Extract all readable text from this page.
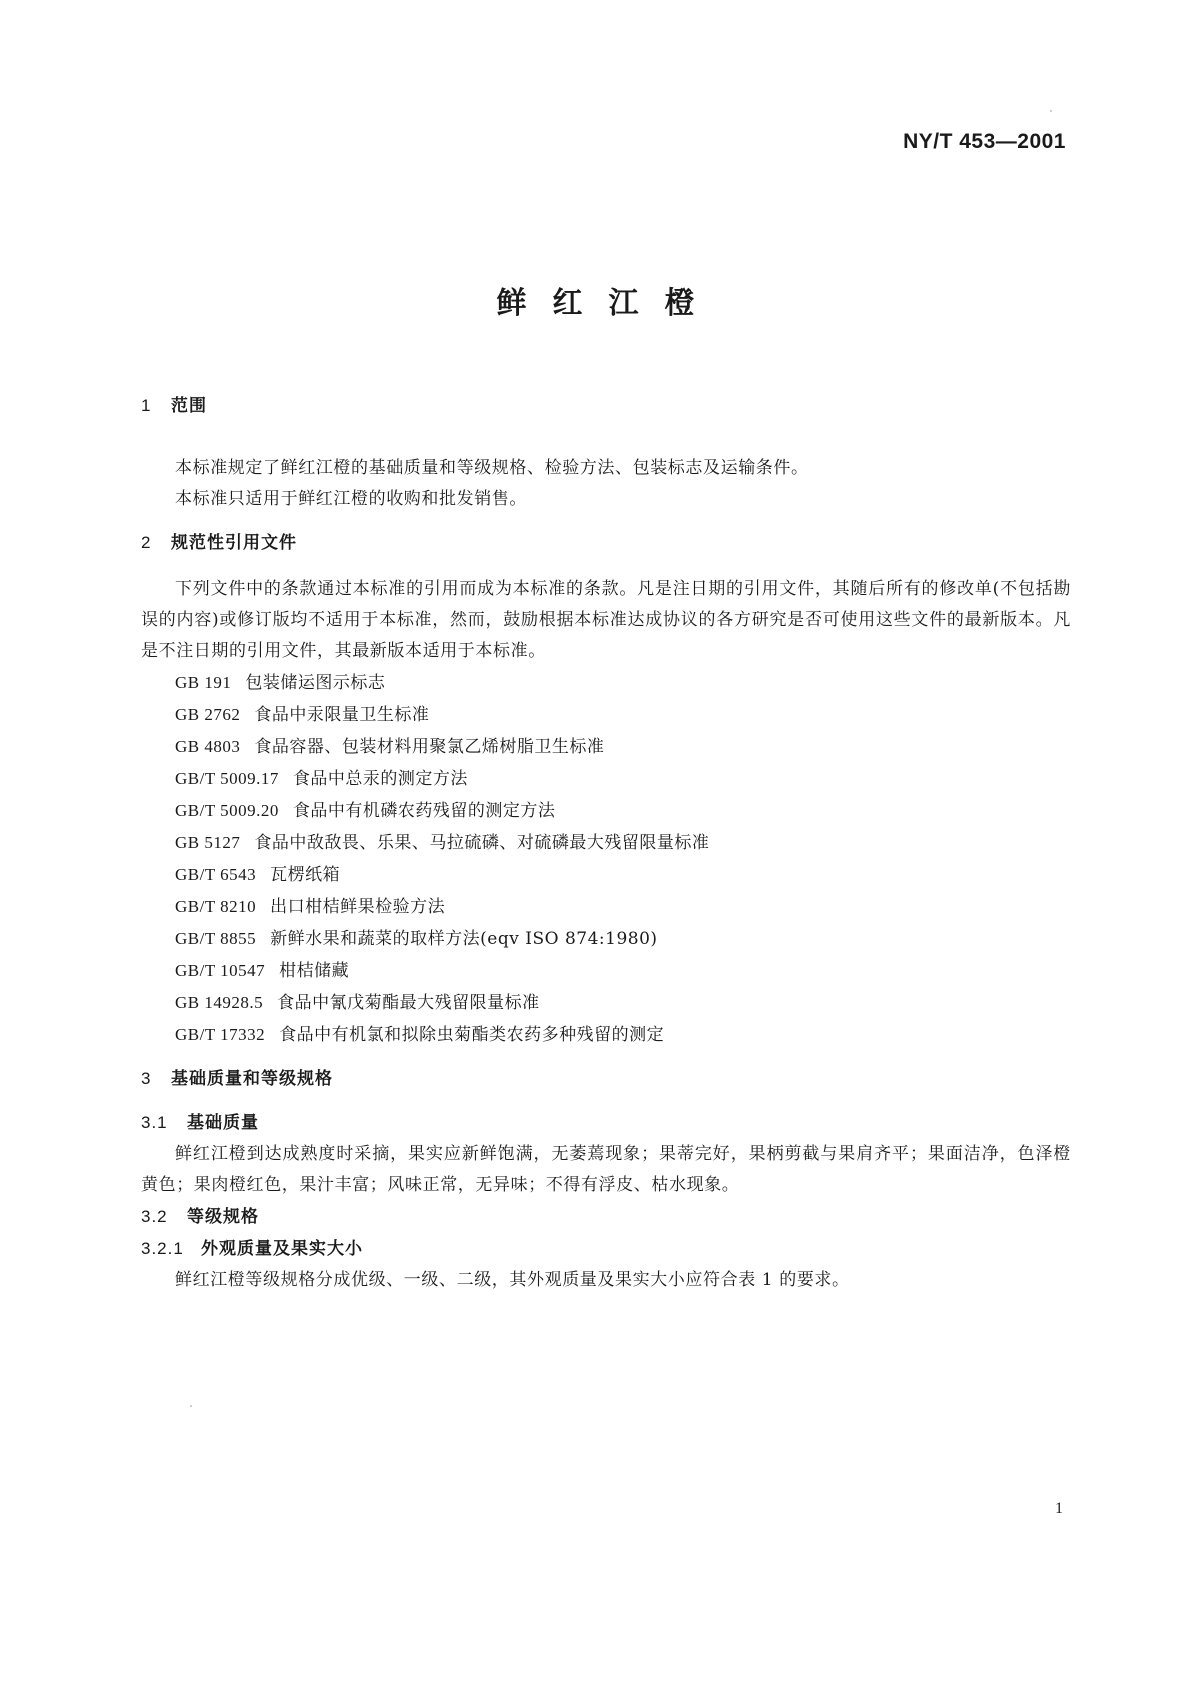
NY/T 453—2001
鲜红江橙
1 范围
本标准规定了鲜红江橙的基础质量和等级规格、检验方法、包装标志及运输条件。
本标准只适用于鲜红江橙的收购和批发销售。
2 规范性引用文件
下列文件中的条款通过本标准的引用而成为本标准的条款。凡是注日期的引用文件，其随后所有的修改单(不包括勘误的内容)或修订版均不适用于本标准，然而，鼓励根据本标准达成协议的各方研究是否可使用这些文件的最新版本。凡是不注日期的引用文件，其最新版本适用于本标准。
GB 191 包装储运图示标志
GB 2762 食品中汞限量卫生标准
GB 4803 食品容器、包装材料用聚氯乙烯树脂卫生标准
GB/T 5009.17 食品中总汞的测定方法
GB/T 5009.20 食品中有机磷农药残留的测定方法
GB 5127 食品中敌敌畏、乐果、马拉硫磷、对硫磷最大残留限量标准
GB/T 6543 瓦楞纸箱
GB/T 8210 出口柑桔鲜果检验方法
GB/T 8855 新鲜水果和蔬菜的取样方法(eqv ISO 874:1980)
GB/T 10547 柑桔储藏
GB 14928.5 食品中氰戊菊酯最大残留限量标准
GB/T 17332 食品中有机氯和拟除虫菊酯类农药多种残留的测定
3 基础质量和等级规格
3.1 基础质量
鲜红江橙到达成熟度时采摘，果实应新鲜饱满，无萎蔫现象；果蒂完好，果柄剪截与果肩齐平；果面洁净，色泽橙黄色；果肉橙红色，果汁丰富；风味正常，无异味；不得有浮皮、枯水现象。
3.2 等级规格
3.2.1 外观质量及果实大小
鲜红江橙等级规格分成优级、一级、二级，其外观质量及果实大小应符合表 1 的要求。
1
